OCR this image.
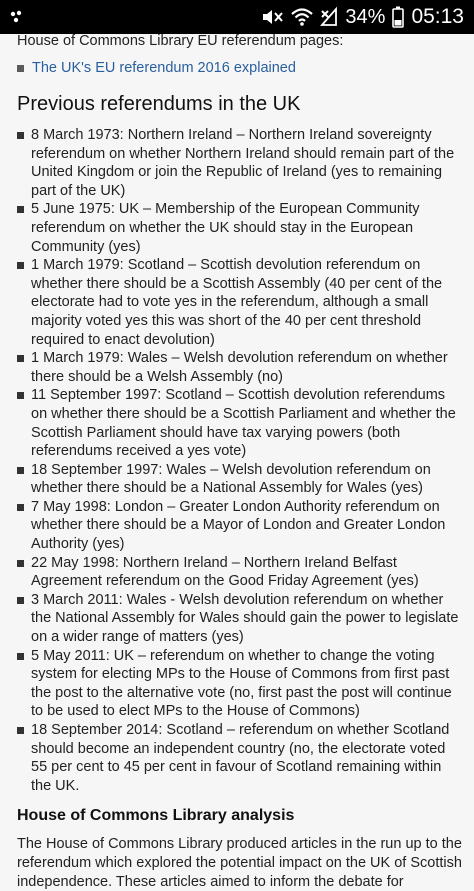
34% 05:13
House of Commons Library EU referendum pages:
The UK's EU referendum 2016 explained
Previous referendums in the UK
8 March 1973: Northern Ireland – Northern Ireland sovereignty referendum on whether Northern Ireland should remain part of the United Kingdom or join the Republic of Ireland (yes to remaining part of the UK)
5 June 1975: UK – Membership of the European Community referendum on whether the UK should stay in the European Community (yes)
1 March 1979: Scotland – Scottish devolution referendum on whether there should be a Scottish Assembly (40 per cent of the electorate had to vote yes in the referendum, although a small majority voted yes this was short of the 40 per cent threshold required to enact devolution)
1 March 1979: Wales – Welsh devolution referendum on whether there should be a Welsh Assembly (no)
11 September 1997: Scotland – Scottish devolution referendums on whether there should be a Scottish Parliament and whether the Scottish Parliament should have tax varying powers (both referendums received a yes vote)
18 September 1997: Wales – Welsh devolution referendum on whether there should be a National Assembly for Wales (yes)
7 May 1998: London – Greater London Authority referendum on whether there should be a Mayor of London and Greater London Authority (yes)
22 May 1998: Northern Ireland – Northern Ireland Belfast Agreement referendum on the Good Friday Agreement (yes)
3 March 2011: Wales - Welsh devolution referendum on whether the National Assembly for Wales should gain the power to legislate on a wider range of matters (yes)
5 May 2011: UK – referendum on whether to change the voting system for electing MPs to the House of Commons from first past the post to the alternative vote (no, first past the post will continue to be used to elect MPs to the House of Commons)
18 September 2014: Scotland – referendum on whether Scotland should become an independent country (no, the electorate voted 55 per cent to 45 per cent in favour of Scotland remaining within the UK.
House of Commons Library analysis

The House of Commons Library produced articles in the run up to the referendum which explored the potential impact on the UK of Scottish independence. These articles aimed to inform the debate for
